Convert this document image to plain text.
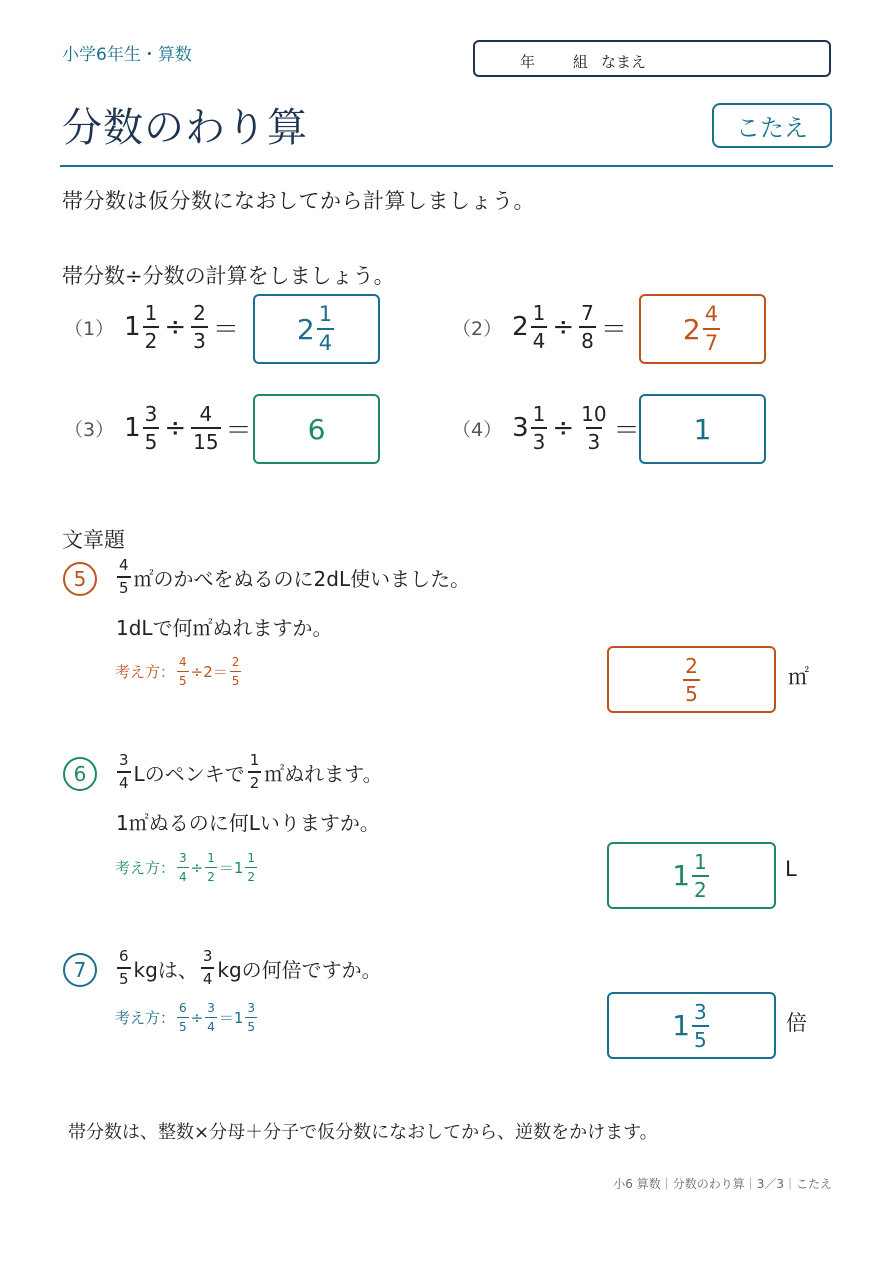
小学6年生・算数	年	組 なまえ
分数のわり算	こたえ
帯分数は仮分数になおしてから計算しましょう。
帯分数÷分数の計算をしましょう。
（1） $1 \frac{1}{2} \div \frac{2}{3} = 2 \frac{1}{4}$	（2） $2 \frac{1}{4} \div \frac{7}{8} = 2 \frac{4}{7}$
（3） $1 \frac{3}{5} \div \frac{4}{15} = 6$	（4） $3 \frac{1}{3} \div \frac{10}{3} = 1$
文章題
5	$\frac{4}{5}$ ㎡のかべをぬるのに2dL使いました。
1dLで何㎡ぬれますか。
考え方： $\frac{4}{5} \div 2= \frac{2}{5}$	$\frac{2}{5}$	㎡
6	$\frac{3}{4}$ Lのペンキで $\frac{1}{2}$ ㎡ぬれます。
1㎡ぬるのに何Lいりますか。
考え方： $\frac{3}{4} \div \frac{1}{2} =1 \frac{1}{2}$	$1 \frac{1}{2}$	L
7	$\frac{6}{5}$ kgは、 $\frac{3}{4}$ kgの何倍ですか。
考え方： $\frac{6}{5} \div \frac{3}{4} =1 \frac{3}{5}$	$1 \frac{3}{5}$	倍
帯分数は、整数×分母＋分子で仮分数になおしてから、逆数をかけます。
小6 算数｜分数のわり算｜3／3｜こたえ
